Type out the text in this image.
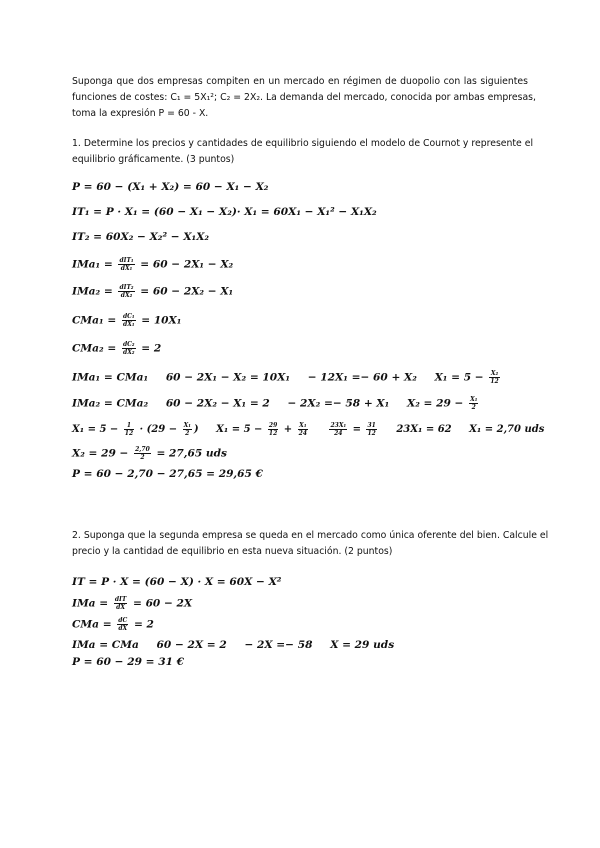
Suponga que dos empresas compiten en un mercado en régimen de duopolio con las siguientes
funciones de costes: C₁ = 5X₁²; C₂ = 2X₂. La demanda del mercado, conocida por ambas empresas,
toma la expresión P = 60 - X.
1. Determine los precios y cantidades de equilibrio siguiendo el modelo de Cournot y represente el
equilibrio gráficamente. (3 puntos)
P = 60 − (X₁ + X₂) = 60 − X₁ − X₂
IT₁ = P · X₁ = (60 − X₁ − X₂)· X₁ = 60X₁ − X₁² − X₁X₂
IT₂ = 60X₂ − X₂² − X₁X₂
$IMa_1 = \frac{\text{dIT₁}}{\text{dX₁}} = 60 - 2X_1 - X_2$
$IMa_2 = \frac{\text{dIT₂}}{\text{dX₂}} = 60 - 2X_2 - X_1$
$CMa_1 = \frac{\text{dC₁}}{\text{dX₁}} = 10X_1$
$CMa_2 = \frac{\text{dC₂}}{\text{dX₂}} = 2$
IMa₁ = CMa₁ 60 − 2X₁ − X₂ = 10X₁ − 12X₁ =− 60 + X₂ $X_1 = 5 - \frac{\text{X₂}}{12}$
IMa₂ = CMa₂ 60 − 2X₂ − X₁ = 2 − 2X₂ =− 58 + X₁ $X_2 = 29 - \frac{\text{X₁}}{2}$
$X_1 = 5 - \frac{1}{12} \cdot (29 - \frac{\text{X₁}}{2}$ ) $X_1 = 5 - \frac{29}{12} + \frac{\text{X₁}}{24}$
	$\frac{\text{23X₁}}{24} = \frac{31}{12} 23X_1 = 62$ X₁ = 2,70 uds
$X_2 = 29 - \frac{2,70}{2} = 27,65$ uds
P = 60 − 2,70 − 27,65 = 29,65 €
2. Suponga que la segunda empresa se queda en el mercado como única oferente del bien. Calcule el
precio y la cantidad de equilibrio en esta nueva situación. (2 puntos)
IT = P · X = (60 − X) · X = 60X − X²
IMa = $\frac{\text{dIT}}{dX} = 60 - 2X$
CMa = $\frac{dC}{dX} = 2$
IMa = CMa 60 − 2X = 2 − 2X =− 58 X = 29 uds
P = 60 − 29 = 31 €
